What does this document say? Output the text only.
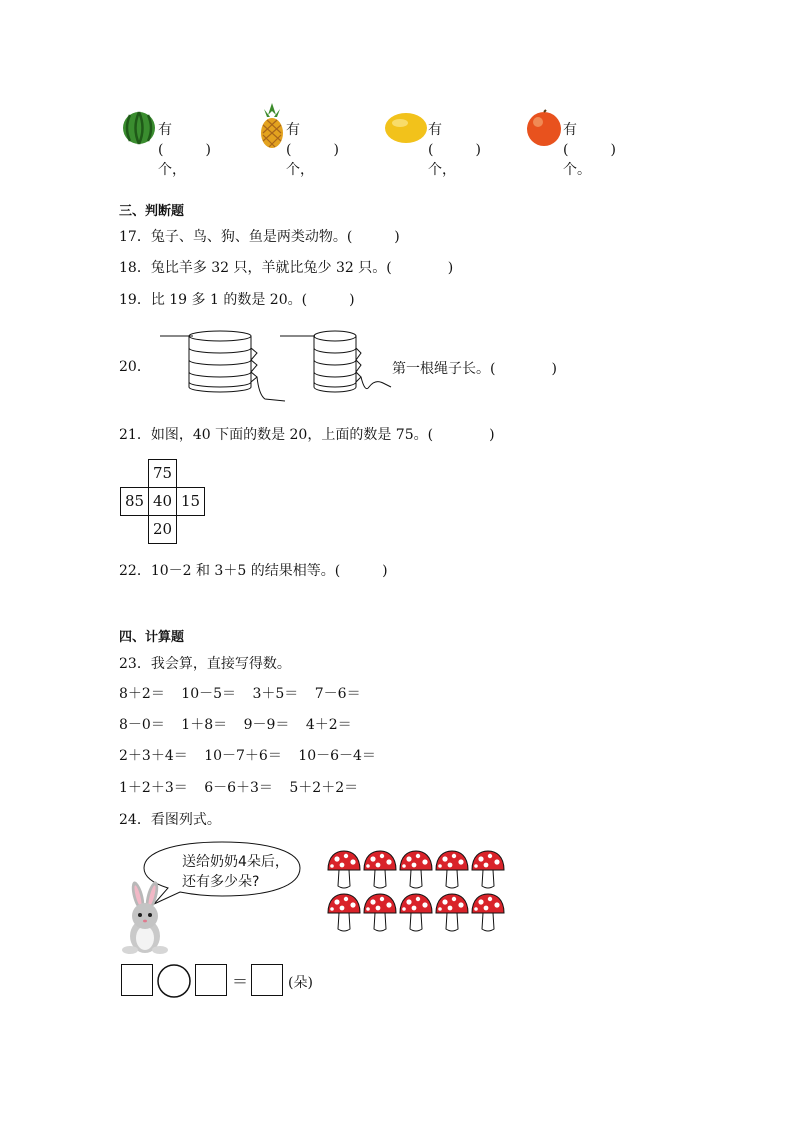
有(　　　)个，
有(　　　)个，
有(　　　)个，
有(　　　)个。
三、判断题
17．兔子、鸟、狗、鱼是两类动物。(　　　)
18．兔比羊多 32 只，羊就比兔少 32 只。(　　　　)
19．比 19 多 1 的数是 20。(　　　)
20．	第一根绳子长。(　　　　)
21．如图，40 下面的数是 20，上面的数是 75。(　　　　)
75
85 40 15
20
22．10－2 和 3＋5 的结果相等。(　　　)
四、计算题
23．我会算，直接写得数。
8＋2＝ 10－5＝ 3＋5＝ 7－6＝
8－0＝ 1＋8＝ 9－9＝ 4＋2＝
2＋3＋4＝ 10－7＋6＝ 10－6－4＝
1＋2＋3＝ 6－6＋3＝ 5＋2＋2＝
24．看图列式。
送给奶奶4朵后，
还有多少朵?
＝	(朵)
